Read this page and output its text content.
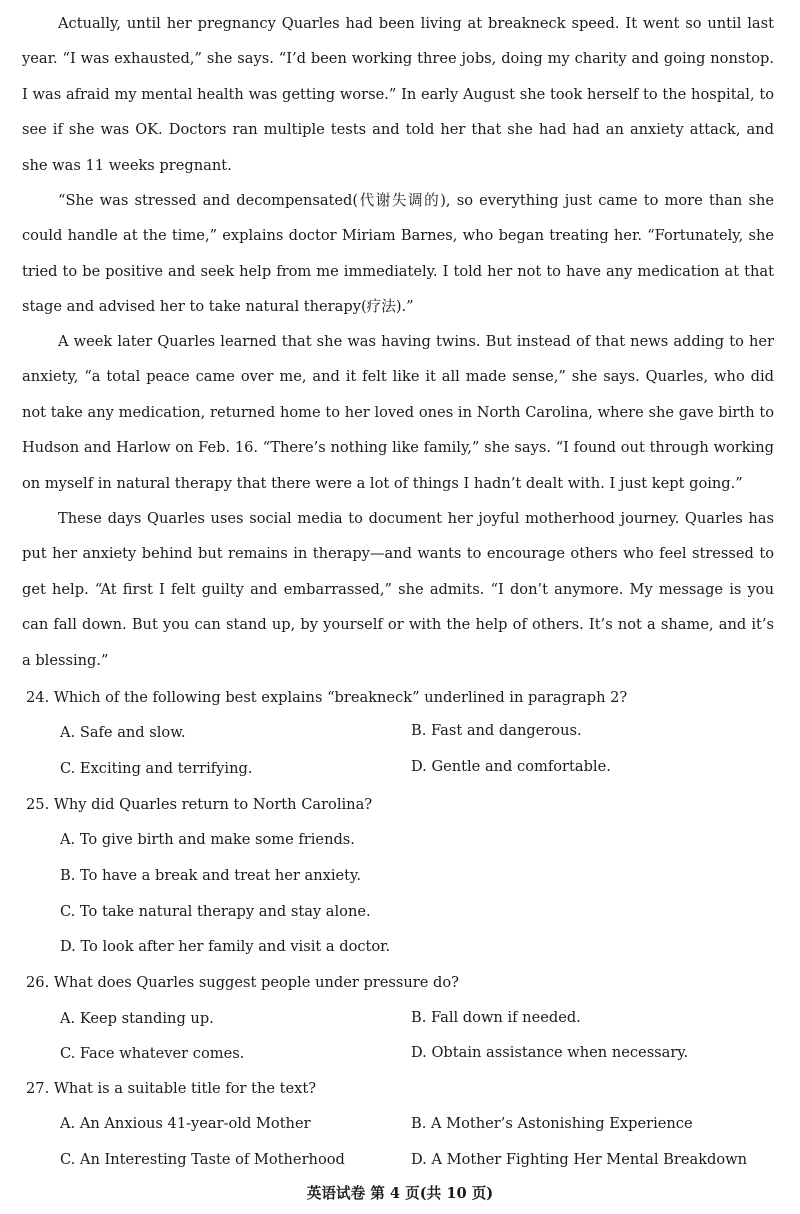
Actually, until her pregnancy Quarles had been living at breakneck speed. It went so until last year. “I was exhausted,” she says. “I’d been working three jobs, doing my charity and going nonstop. I was afraid my mental health was getting worse.” In early August she took herself to the hospital, to see if she was OK. Doctors ran multiple tests and told her that she had had an anxiety attack, and she was 11 weeks pregnant.

“She was stressed and decompensated(代谢失调的), so everything just came to more than she could handle at the time,” explains doctor Miriam Barnes, who began treating her. “Fortunately, she tried to be positive and seek help from me immediately. I told her not to have any medication at that stage and advised her to take natural therapy(疗法).”

A week later Quarles learned that she was having twins. But instead of that news adding to her anxiety, “a total peace came over me, and it felt like it all made sense,” she says. Quarles, who did not take any medication, returned home to her loved ones in North Carolina, where she gave birth to Hudson and Harlow on Feb. 16. “There’s nothing like family,” she says. “I found out through working on myself in natural therapy that there were a lot of things I hadn’t dealt with. I just kept going.”

These days Quarles uses social media to document her joyful motherhood journey. Quarles has put her anxiety behind but remains in therapy—and wants to encourage others who feel stressed to get help. “At first I felt guilty and embarrassed,” she admits. “I don’t anymore. My message is you can fall down. But you can stand up, by yourself or with the help of others. It’s not a shame, and it’s a blessing.”

24. Which of the following best explains “breakneck” underlined in paragraph 2?

A. Safe and slow.	B. Fast and dangerous.

C. Exciting and terrifying.	D. Gentle and comfortable.

25. Why did Quarles return to North Carolina?

A. To give birth and make some friends.

B. To have a break and treat her anxiety.

C. To take natural therapy and stay alone.

D. To look after her family and visit a doctor.

26. What does Quarles suggest people under pressure do?

A. Keep standing up.	B. Fall down if needed.

C. Face whatever comes.	D. Obtain assistance when necessary.

27. What is a suitable title for the text?

A. An Anxious 41-year-old Mother	B. A Mother’s Astonishing Experience

C. An Interesting Taste of Motherhood	D. A Mother Fighting Her Mental Breakdown

英语试卷 第 4 页(共 10 页)
